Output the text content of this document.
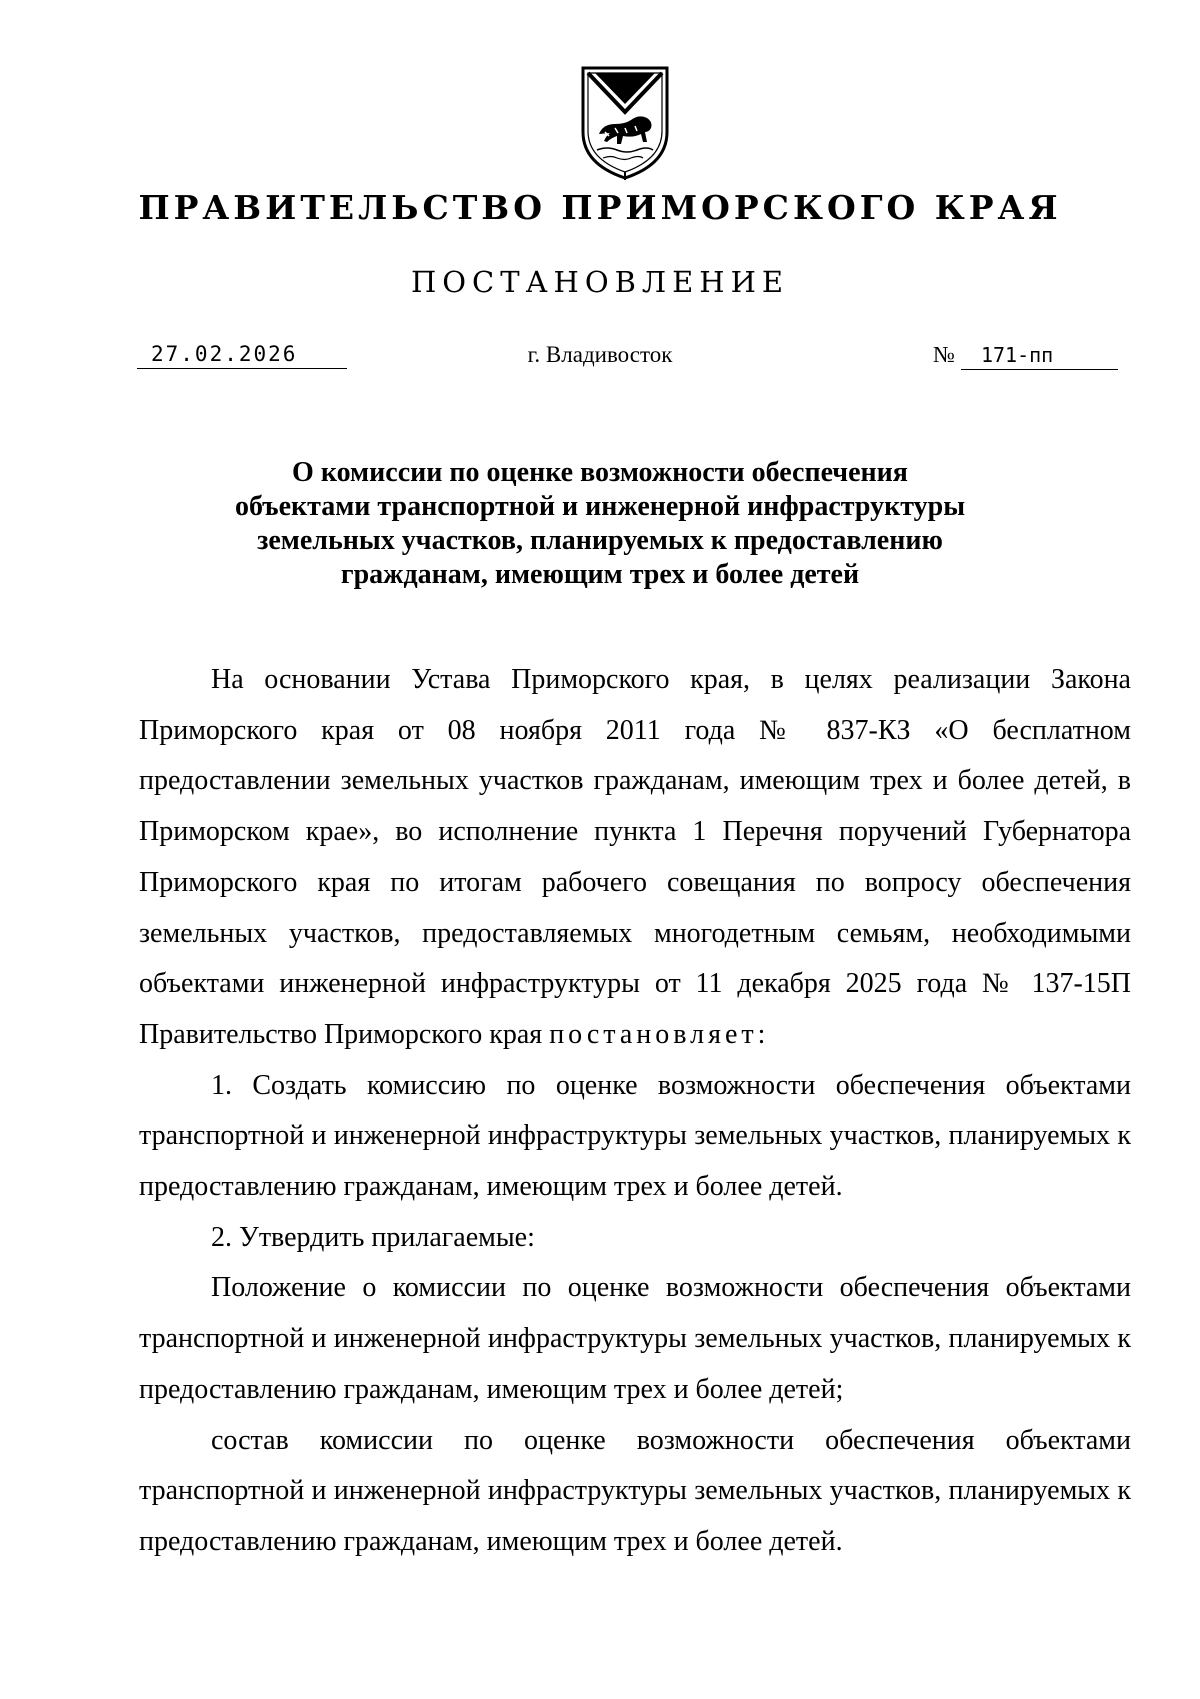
ПРАВИТЕЛЬСТВО ПРИМОРСКОГО КРАЯ
ПОСТАНОВЛЕНИЕ
27.02.2026	г. Владивосток	№ 171-пп
О комиссии по оценке возможности обеспечения
объектами транспортной и инженерной инфраструктуры
земельных участков, планируемых к предоставлению
гражданам, имеющим трех и более детей

На основании Устава Приморского края, в целях реализации Закона Приморского края от 08 ноября 2011 года № 837-КЗ «О бесплатном предоставлении земельных участков гражданам, имеющим трех и более детей, в Приморском крае», во исполнение пункта 1 Перечня поручений Губернатора Приморского края по итогам рабочего совещания по вопросу обеспечения земельных участков, предоставляемых многодетным семьям, необходимыми объектами инженерной инфраструктуры от 11 декабря 2025 года № 137-15П Правительство Приморского края постановляет:

1. Создать комиссию по оценке возможности обеспечения объектами транспортной и инженерной инфраструктуры земельных участков, планируемых к предоставлению гражданам, имеющим трех и более детей.

2. Утвердить прилагаемые:

Положение о комиссии по оценке возможности обеспечения объектами транспортной и инженерной инфраструктуры земельных участков, планируемых к предоставлению гражданам, имеющим трех и более детей;

состав комиссии по оценке возможности обеспечения объектами транспортной и инженерной инфраструктуры земельных участков, планируемых к предоставлению гражданам, имеющим трех и более детей.
